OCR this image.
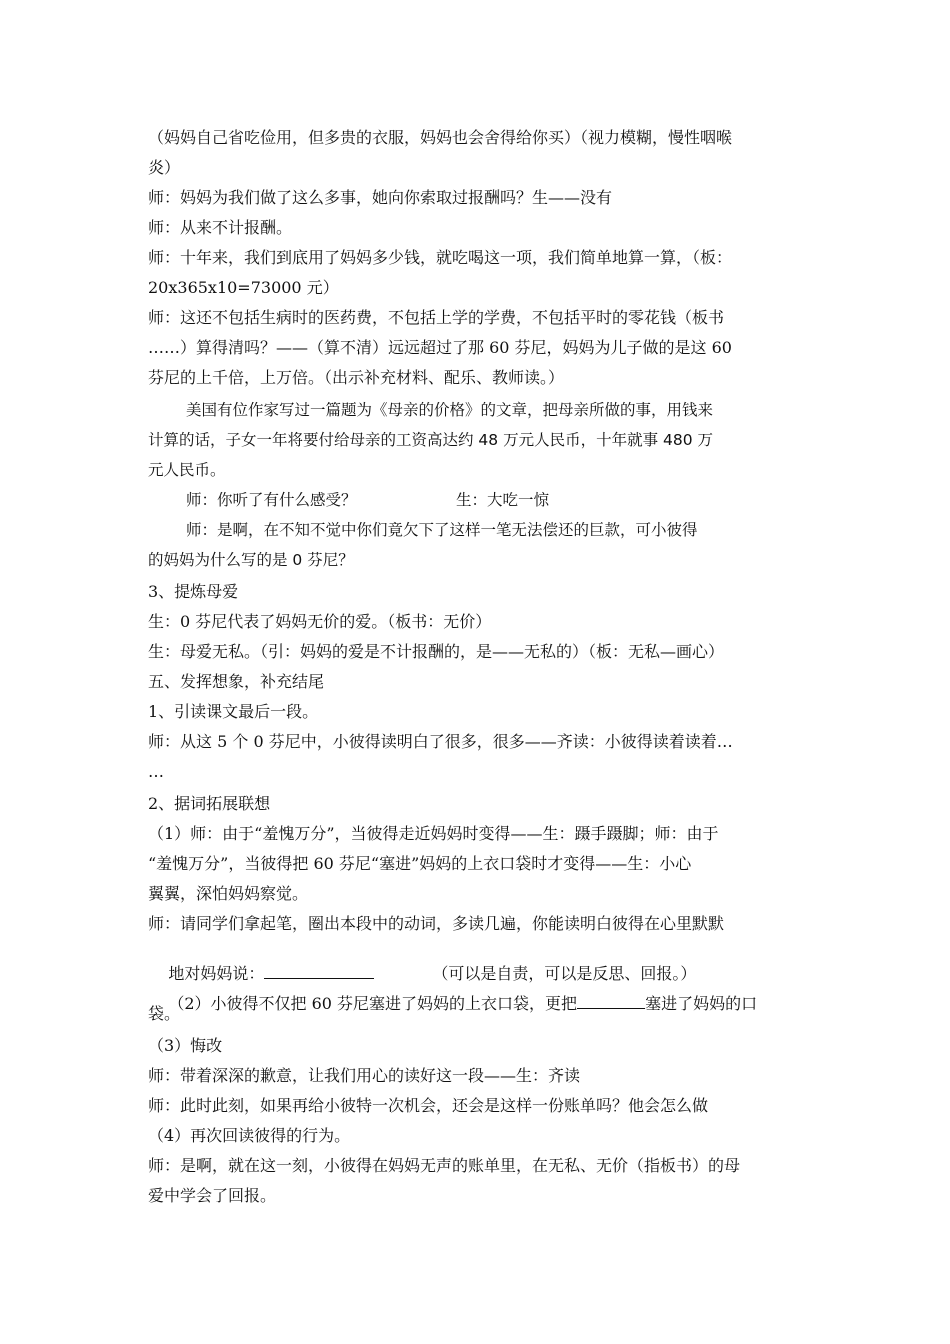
（妈妈自己省吃俭用，但多贵的衣服，妈妈也会舍得给你买）（视力模糊，慢性咽喉
炎）
师：妈妈为我们做了这么多事，她向你索取过报酬吗？生——没有
师：从来不计报酬。
师：十年来，我们到底用了妈妈多少钱，就吃喝这一项，我们简单地算一算，（板：
20x365x10=73000 元）
师：这还不包括生病时的医药费，不包括上学的学费，不包括平时的零花钱（板书
……）算得清吗？——（算不清）远远超过了那 60 芬尼，妈妈为儿子做的是这 60
芬尼的上千倍，上万倍。（出示补充材料、配乐、教师读。）
美国有位作家写过一篇题为《母亲的价格》的文章，把母亲所做的事，用钱来
计算的话，子女一年将要付给母亲的工资高达约 48 万元人民币，十年就事 480 万
元人民币。
师：你听了有什么感受？	生：大吃一惊
师：是啊，在不知不觉中你们竟欠下了这样一笔无法偿还的巨款，可小彼得
的妈妈为什么写的是 0 芬尼？
3、提炼母爱
生：0 芬尼代表了妈妈无价的爱。（板书：无价）
生：母爱无私。（引：妈妈的爱是不计报酬的，是——无私的）（板：无私—画心）
五、发挥想象，补充结尾
1、引读课文最后一段。
师：从这 5 个 0 芬尼中，小彼得读明白了很多，很多——齐读：小彼得读着读着…
…
2、据词拓展联想
（1）师：由于“羞愧万分”，当彼得走近妈妈时变得——生：蹑手蹑脚；师：由于
“羞愧万分”，当彼得把 60 芬尼“塞进”妈妈的上衣口袋时才变得——生：小心
翼翼，深怕妈妈察觉。
师：请同学们拿起笔，圈出本段中的动词，多读几遍，你能读明白彼得在心里默默

地对妈妈说：	（可以是自责，可以是反思、回报。）

（2）小彼得不仅把 60 芬尼塞进了妈妈的上衣口袋，更把	塞进了妈妈的口

袋。
（3）悔改
师：带着深深的歉意，让我们用心的读好这一段——生：齐读
师：此时此刻，如果再给小彼特一次机会，还会是这样一份账单吗？他会怎么做
（4）再次回读彼得的行为。
师：是啊，就在这一刻，小彼得在妈妈无声的账单里，在无私、无价（指板书）的母
爱中学会了回报。
